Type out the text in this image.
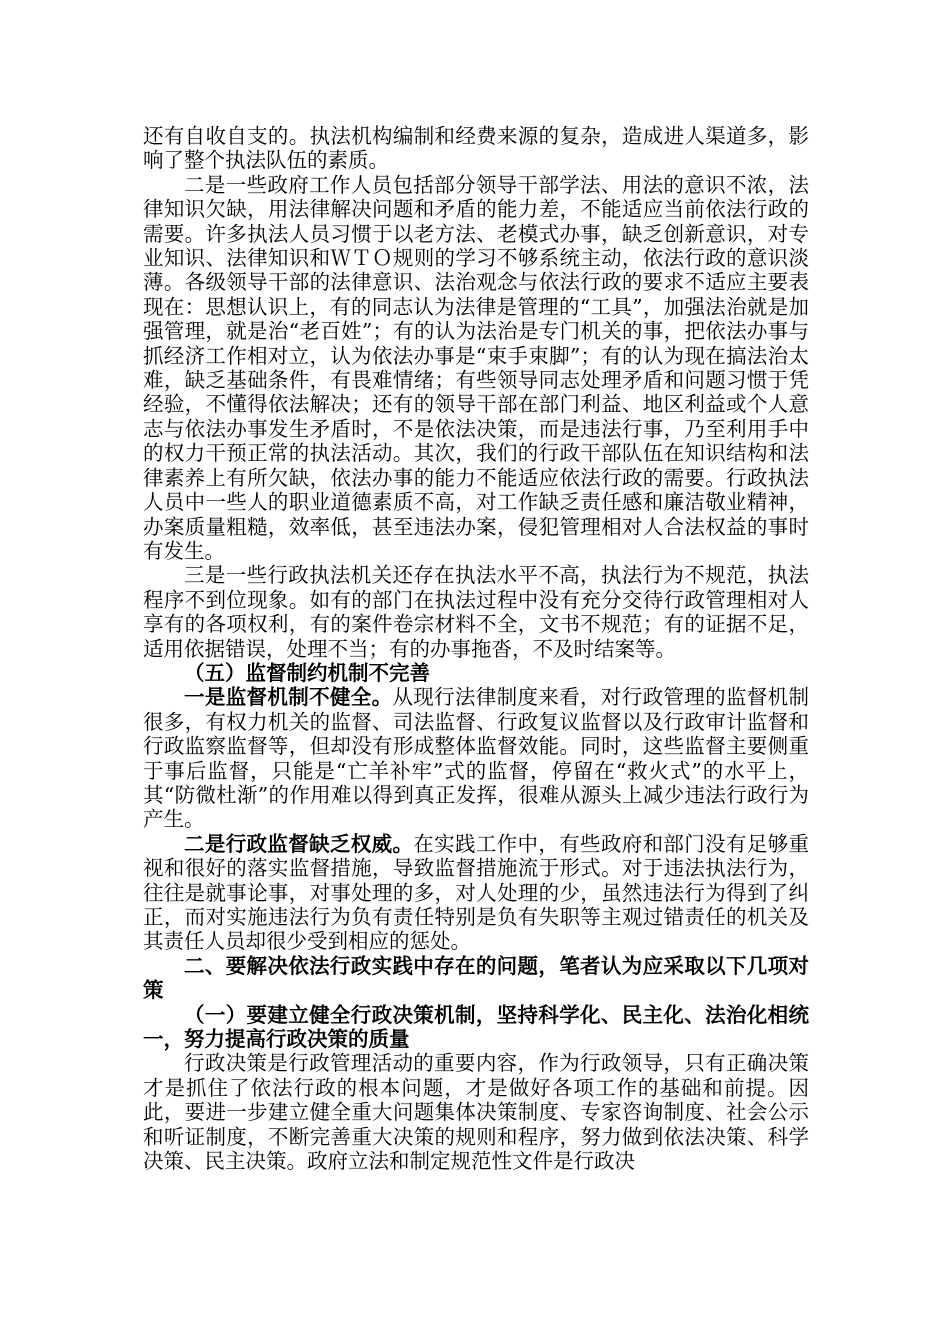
还有自收自支的。执法机构编制和经费来源的复杂，造成进人渠道多，影响了整个执法队伍的素质。

二是一些政府工作人员包括部分领导干部学法、用法的意识不浓，法律知识欠缺，用法律解决问题和矛盾的能力差，不能适应当前依法行政的需要。许多执法人员习惯于以老方法、老模式办事，缺乏创新意识，对专业知识、法律知识和ＷＴＯ规则的学习不够系统主动，依法行政的意识淡薄。各级领导干部的法律意识、法治观念与依法行政的要求不适应主要表现在：思想认识上，有的同志认为法律是管理的“工具”，加强法治就是加强管理，就是治“老百姓”；有的认为法治是专门机关的事，把依法办事与抓经济工作相对立，认为依法办事是“束手束脚”；有的认为现在搞法治太难，缺乏基础条件，有畏难情绪；有些领导同志处理矛盾和问题习惯于凭经验，不懂得依法解决；还有的领导干部在部门利益、地区利益或个人意志与依法办事发生矛盾时，不是依法决策，而是违法行事，乃至利用手中的权力干预正常的执法活动。其次，我们的行政干部队伍在知识结构和法律素养上有所欠缺，依法办事的能力不能适应依法行政的需要。行政执法人员中一些人的职业道德素质不高，对工作缺乏责任感和廉洁敬业精神，办案质量粗糙，效率低，甚至违法办案，侵犯管理相对人合法权益的事时有发生。

三是一些行政执法机关还存在执法水平不高，执法行为不规范，执法程序不到位现象。如有的部门在执法过程中没有充分交待行政管理相对人享有的各项权利，有的案件卷宗材料不全，文书不规范；有的证据不足，适用依据错误，处理不当；有的办事拖沓，不及时结案等。

（五）监督制约机制不完善

一是监督机制不健全。从现行法律制度来看，对行政管理的监督机制很多，有权力机关的监督、司法监督、行政复议监督以及行政审计监督和行政监察监督等，但却没有形成整体监督效能。同时，这些监督主要侧重于事后监督，只能是“亡羊补牢”式的监督，停留在“救火式”的水平上，其“防微杜渐”的作用难以得到真正发挥，很难从源头上减少违法行政行为产生。

二是行政监督缺乏权威。在实践工作中，有些政府和部门没有足够重视和很好的落实监督措施，导致监督措施流于形式。对于违法执法行为，往往是就事论事，对事处理的多，对人处理的少，虽然违法行为得到了纠正，而对实施违法行为负有责任特别是负有失职等主观过错责任的机关及其责任人员却很少受到相应的惩处。

二、要解决依法行政实践中存在的问题，笔者认为应采取以下几项对策

（一）要建立健全行政决策机制，坚持科学化、民主化、法治化相统一，努力提高行政决策的质量

行政决策是行政管理活动的重要内容，作为行政领导，只有正确决策才是抓住了依法行政的根本问题，才是做好各项工作的基础和前提。因此，要进一步建立健全重大问题集体决策制度、专家咨询制度、社会公示和听证制度，不断完善重大决策的规则和程序，努力做到依法决策、科学决策、民主决策。政府立法和制定规范性文件是行政决
